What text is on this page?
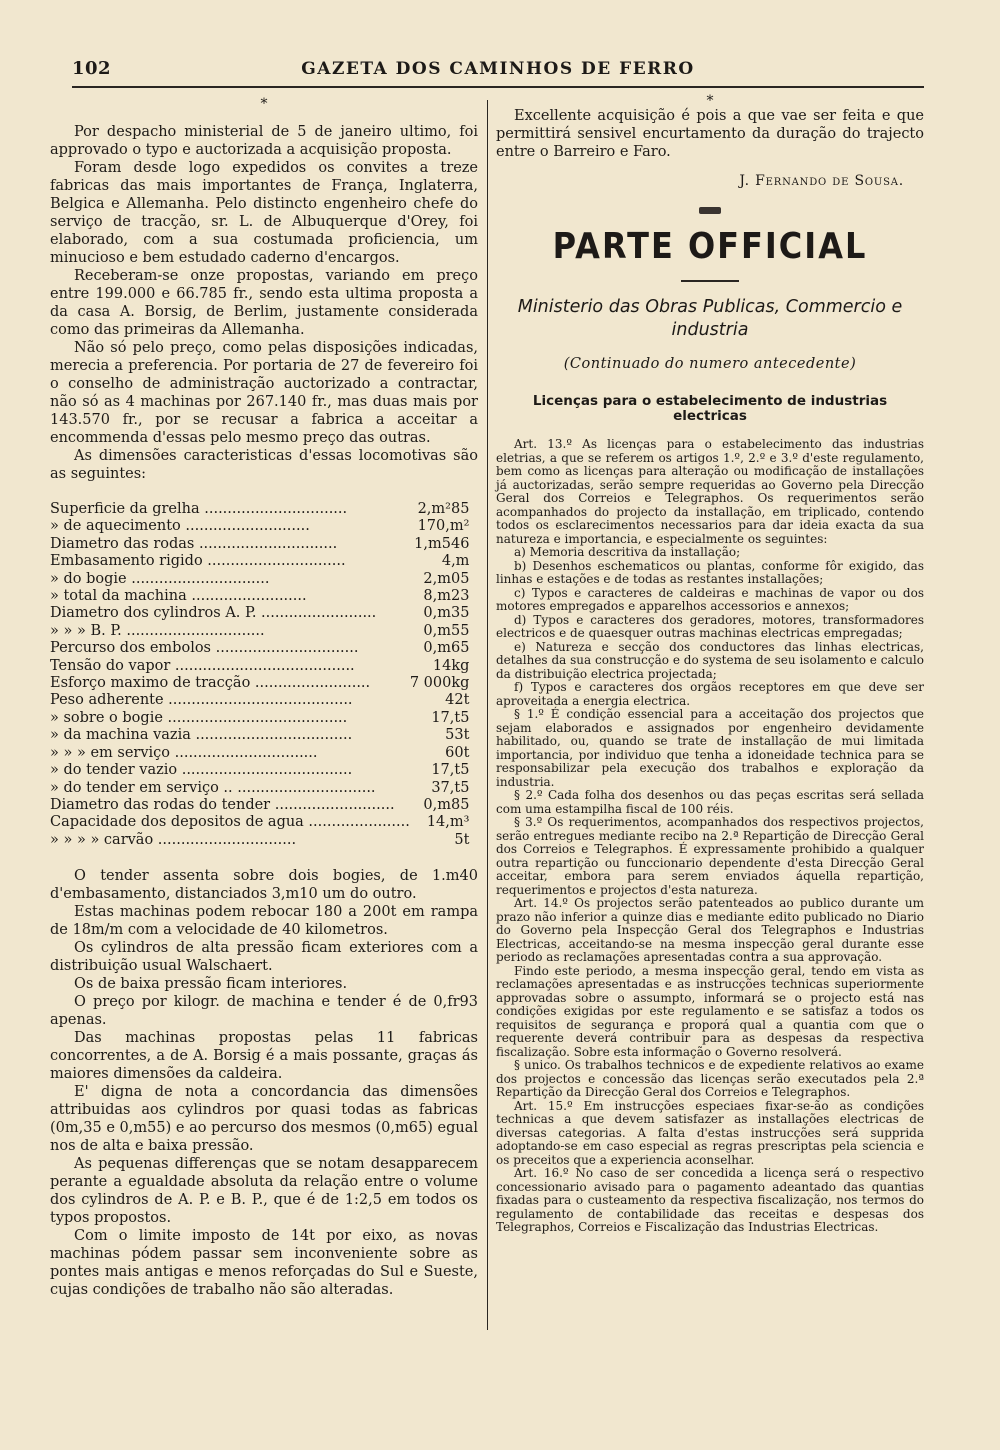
102	GAZETA DOS CAMINHOS DE FERRO
*

Por despacho ministerial de 5 de janeiro ultimo, foi approvado o typo e auctorizada a acquisição proposta.

Foram desde logo expedidos os convites a treze fabricas das mais importantes de França, Inglaterra, Belgica e Allemanha. Pelo distincto engenheiro chefe do serviço de tracção, sr. L. de Albuquerque d'Orey, foi elaborado, com a sua costumada proficiencia, um minucioso e bem estudado caderno d'encargos.

Receberam-se onze propostas, variando em preço entre 199.000 e 66.785 fr., sendo esta ultima proposta a da casa A. Borsig, de Berlim, justamente considerada como das primeiras da Allemanha.

Não só pelo preço, como pelas disposições indicadas, merecia a preferencia. Por portaria de 27 de fevereiro foi o conselho de administração auctorizado a contractar, não só as 4 machinas por 267.140 fr., mas duas mais por 143.570 fr., por se recusar a fabrica a acceitar a encommenda d'essas pelo mesmo preço das outras.

As dimensões caracteristicas d'essas locomotivas são as seguintes:

Superficie da grelha ...............................	2,m²85
» de aquecimento ...........................	170,m²
Diametro das rodas ..............................	1,m546
Embasamento rigido ..............................	4,m
» do bogie ..............................	2,m05
» total da machina .........................	8,m23
Diametro dos cylindros A. P. .........................	0,m35
» » » B. P. ..............................	0,m55
Percurso dos embolos ...............................	0,m65
Tensão do vapor .......................................	14kg
Esforço maximo de tracção .........................	7 000kg
Peso adherente ........................................	42t
» sobre o bogie .......................................	17,t5
» da machina vazia ..................................	53t
» » » em serviço ...............................	60t
» do tender vazio .....................................	17,t5
» do tender em serviço .. ..............................	37,t5
Diametro das rodas do tender ..........................	0,m85
Capacidade dos depositos de agua ......................	14,m³
» » » » carvão ..............................	5t

O tender assenta sobre dois bogies, de 1.m40 d'embasamento, distanciados 3,m10 um do outro.

Estas machinas podem rebocar 180 a 200t em rampa de 18m/m com a velocidade de 40 kilometros.

Os cylindros de alta pressão ficam exteriores com a distribuição usual Walschaert.

Os de baixa pressão ficam interiores.

O preço por kilogr. de machina e tender é de 0,fr93 apenas.

Das machinas propostas pelas 11 fabricas concorrentes, a de A. Borsig é a mais possante, graças ás maiores dimensões da caldeira.

E' digna de nota a concordancia das dimensões attribuidas aos cylindros por quasi todas as fabricas (0m,35 e 0,m55) e ao percurso dos mesmos (0,m65) egual nos de alta e baixa pressão.

As pequenas differenças que se notam desapparecem perante a egualdade absoluta da relação entre o volume dos cylindros de A. P. e B. P., que é de 1:2,5 em todos os typos propostos.

Com o limite imposto de 14t por eixo, as novas machinas pódem passar sem inconveniente sobre as pontes mais antigas e menos reforçadas do Sul e Sueste, cujas condições de trabalho não são alteradas.

*

Excellente acquisição é pois a que vae ser feita e que permittirá sensivel encurtamento da duração do trajecto entre o Barreiro e Faro.

J. Fernando de Sousa.
PARTE OFFICIAL
Ministerio das Obras Publicas, Commercio e industria
(Continuado do numero antecedente)
Licenças para o estabelecimento de industrias electricas

Art. 13.º As licenças para o estabelecimento das industrias eletrias, a que se referem os artigos 1.º, 2.º e 3.º d'este regulamento, bem como as licenças para alteração ou modificação de installações já auctorizadas, serão sempre requeridas ao Governo pela Direcção Geral dos Correios e Telegraphos. Os requerimentos serão acompanhados do projecto da installação, em triplicado, contendo todos os esclarecimentos necessarios para dar ideia exacta da sua natureza e importancia, e especialmente os seguintes:

a) Memoria descritiva da installação;

b) Desenhos eschematicos ou plantas, conforme fôr exigido, das linhas e estações e de todas as restantes installações;

c) Typos e caracteres de caldeiras e machinas de vapor ou dos motores empregados e apparelhos accessorios e annexos;

d) Typos e caracteres dos geradores, motores, transformadores electricos e de quaesquer outras machinas electricas empregadas;

e) Natureza e secção dos conductores das linhas electricas, detalhes da sua construcção e do systema de seu isolamento e calculo da distribuição electrica projectada;

f) Typos e caracteres dos orgãos receptores em que deve ser aproveitada a energia electrica.

§ 1.º É condição essencial para a acceitação dos projectos que sejam elaborados e assignados por engenheiro devidamente habilitado, ou, quando se trate de installação de mui limitada importancia, por individuo que tenha a idoneidade technica para se responsabilizar pela execução dos trabalhos e exploração da industria.

§ 2.º Cada folha dos desenhos ou das peças escritas será sellada com uma estampilha fiscal de 100 réis.

§ 3.º Os requerimentos, acompanhados dos respectivos projectos, serão entregues mediante recibo na 2.ª Repartição de Direcção Geral dos Correios e Telegraphos. É expressamente prohibido a qualquer outra repartição ou funccionario dependente d'esta Direcção Geral acceitar, embora para serem enviados áquella repartição, requerimentos e projectos d'esta natureza.

Art. 14.º Os projectos serão patenteados ao publico durante um prazo não inferior a quinze dias e mediante edito publicado no Diario do Governo pela Inspecção Geral dos Telegraphos e Industrias Electricas, acceitando-se na mesma inspecção geral durante esse periodo as reclamações apresentadas contra a sua approvação.

Findo este periodo, a mesma inspecção geral, tendo em vista as reclamações apresentadas e as instrucções technicas superiormente approvadas sobre o assumpto, informará se o projecto está nas condições exigidas por este regulamento e se satisfaz a todos os requisitos de segurança e proporá qual a quantia com que o requerente deverá contribuir para as despesas da respectiva fiscalização. Sobre esta informação o Governo resolverá.

§ unico. Os trabalhos technicos e de expediente relativos ao exame dos projectos e concessão das licenças serão executados pela 2.ª Repartição da Direcção Geral dos Correios e Telegraphos.

Art. 15.º Em instrucções especiaes fixar-se-ão as condições technicas a que devem satisfazer as installações electricas de diversas categorias. A falta d'estas instrucções será supprida adoptando-se em caso especial as regras prescriptas pela sciencia e os preceitos que a experiencia aconselhar.

Art. 16.º No caso de ser concedida a licença será o respectivo concessionario avisado para o pagamento adeantado das quantias fixadas para o custeamento da respectiva fiscalização, nos termos do regulamento de contabilidade das receitas e despesas dos Telegraphos, Correios e Fiscalização das Industrias Electricas.
